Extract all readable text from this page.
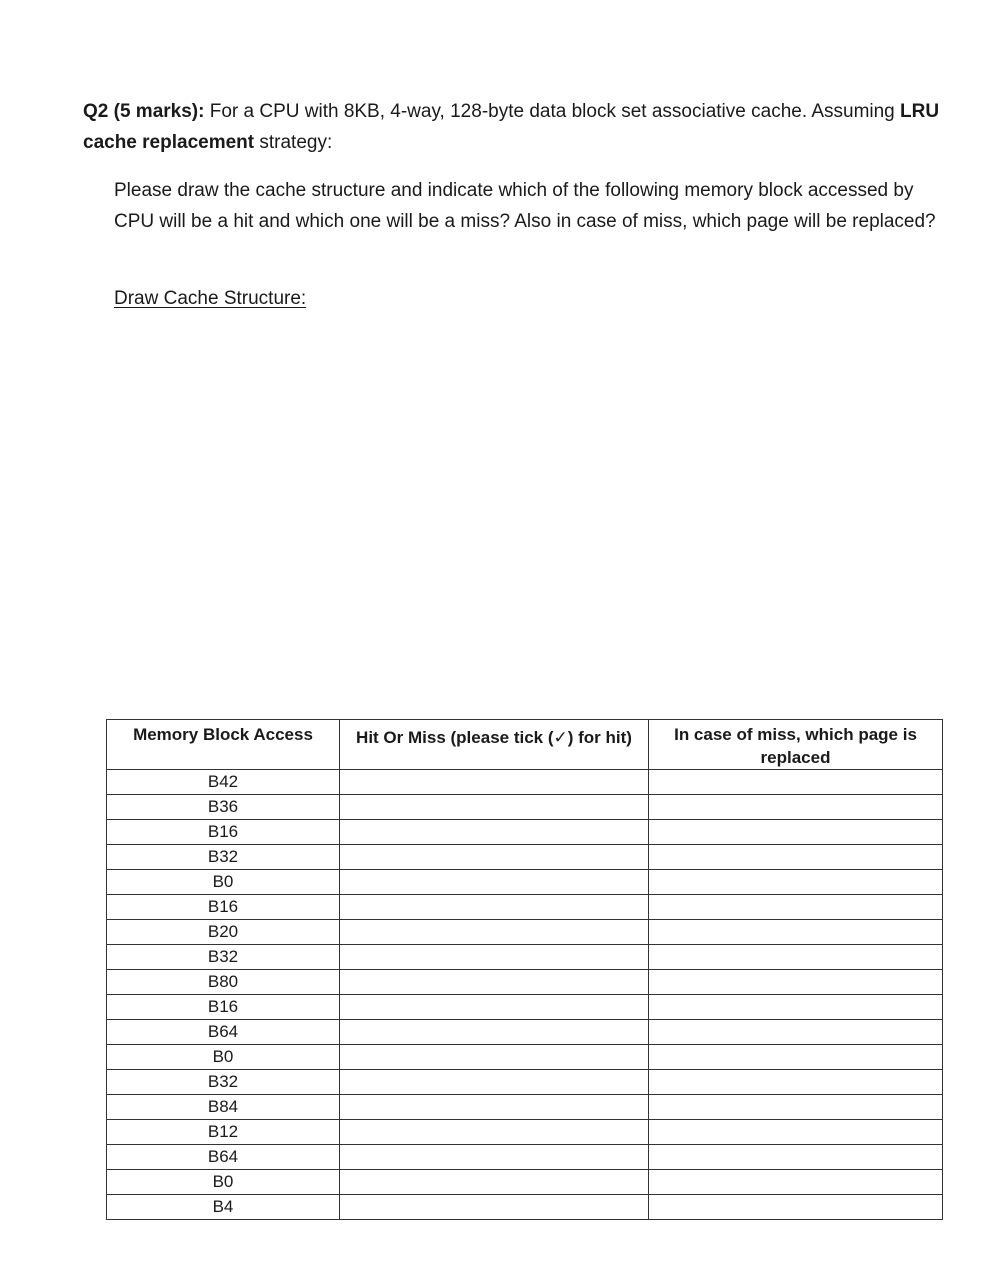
Q2 (5 marks): For a CPU with 8KB, 4-way, 128-byte data block set associative cache. Assuming LRU cache replacement strategy:
Please draw the cache structure and indicate which of the following memory block accessed by CPU will be a hit and which one will be a miss? Also in case of miss, which page will be replaced?
Draw Cache Structure:
Memory Block Access	Hit Or Miss (please tick (✓) for hit)	In case of miss, which page is replaced
B42		
B36		
B16		
B32		
B0		
B16		
B20		
B32		
B80		
B16		
B64		
B0		
B32		
B84		
B12		
B64		
B0		
B4		
